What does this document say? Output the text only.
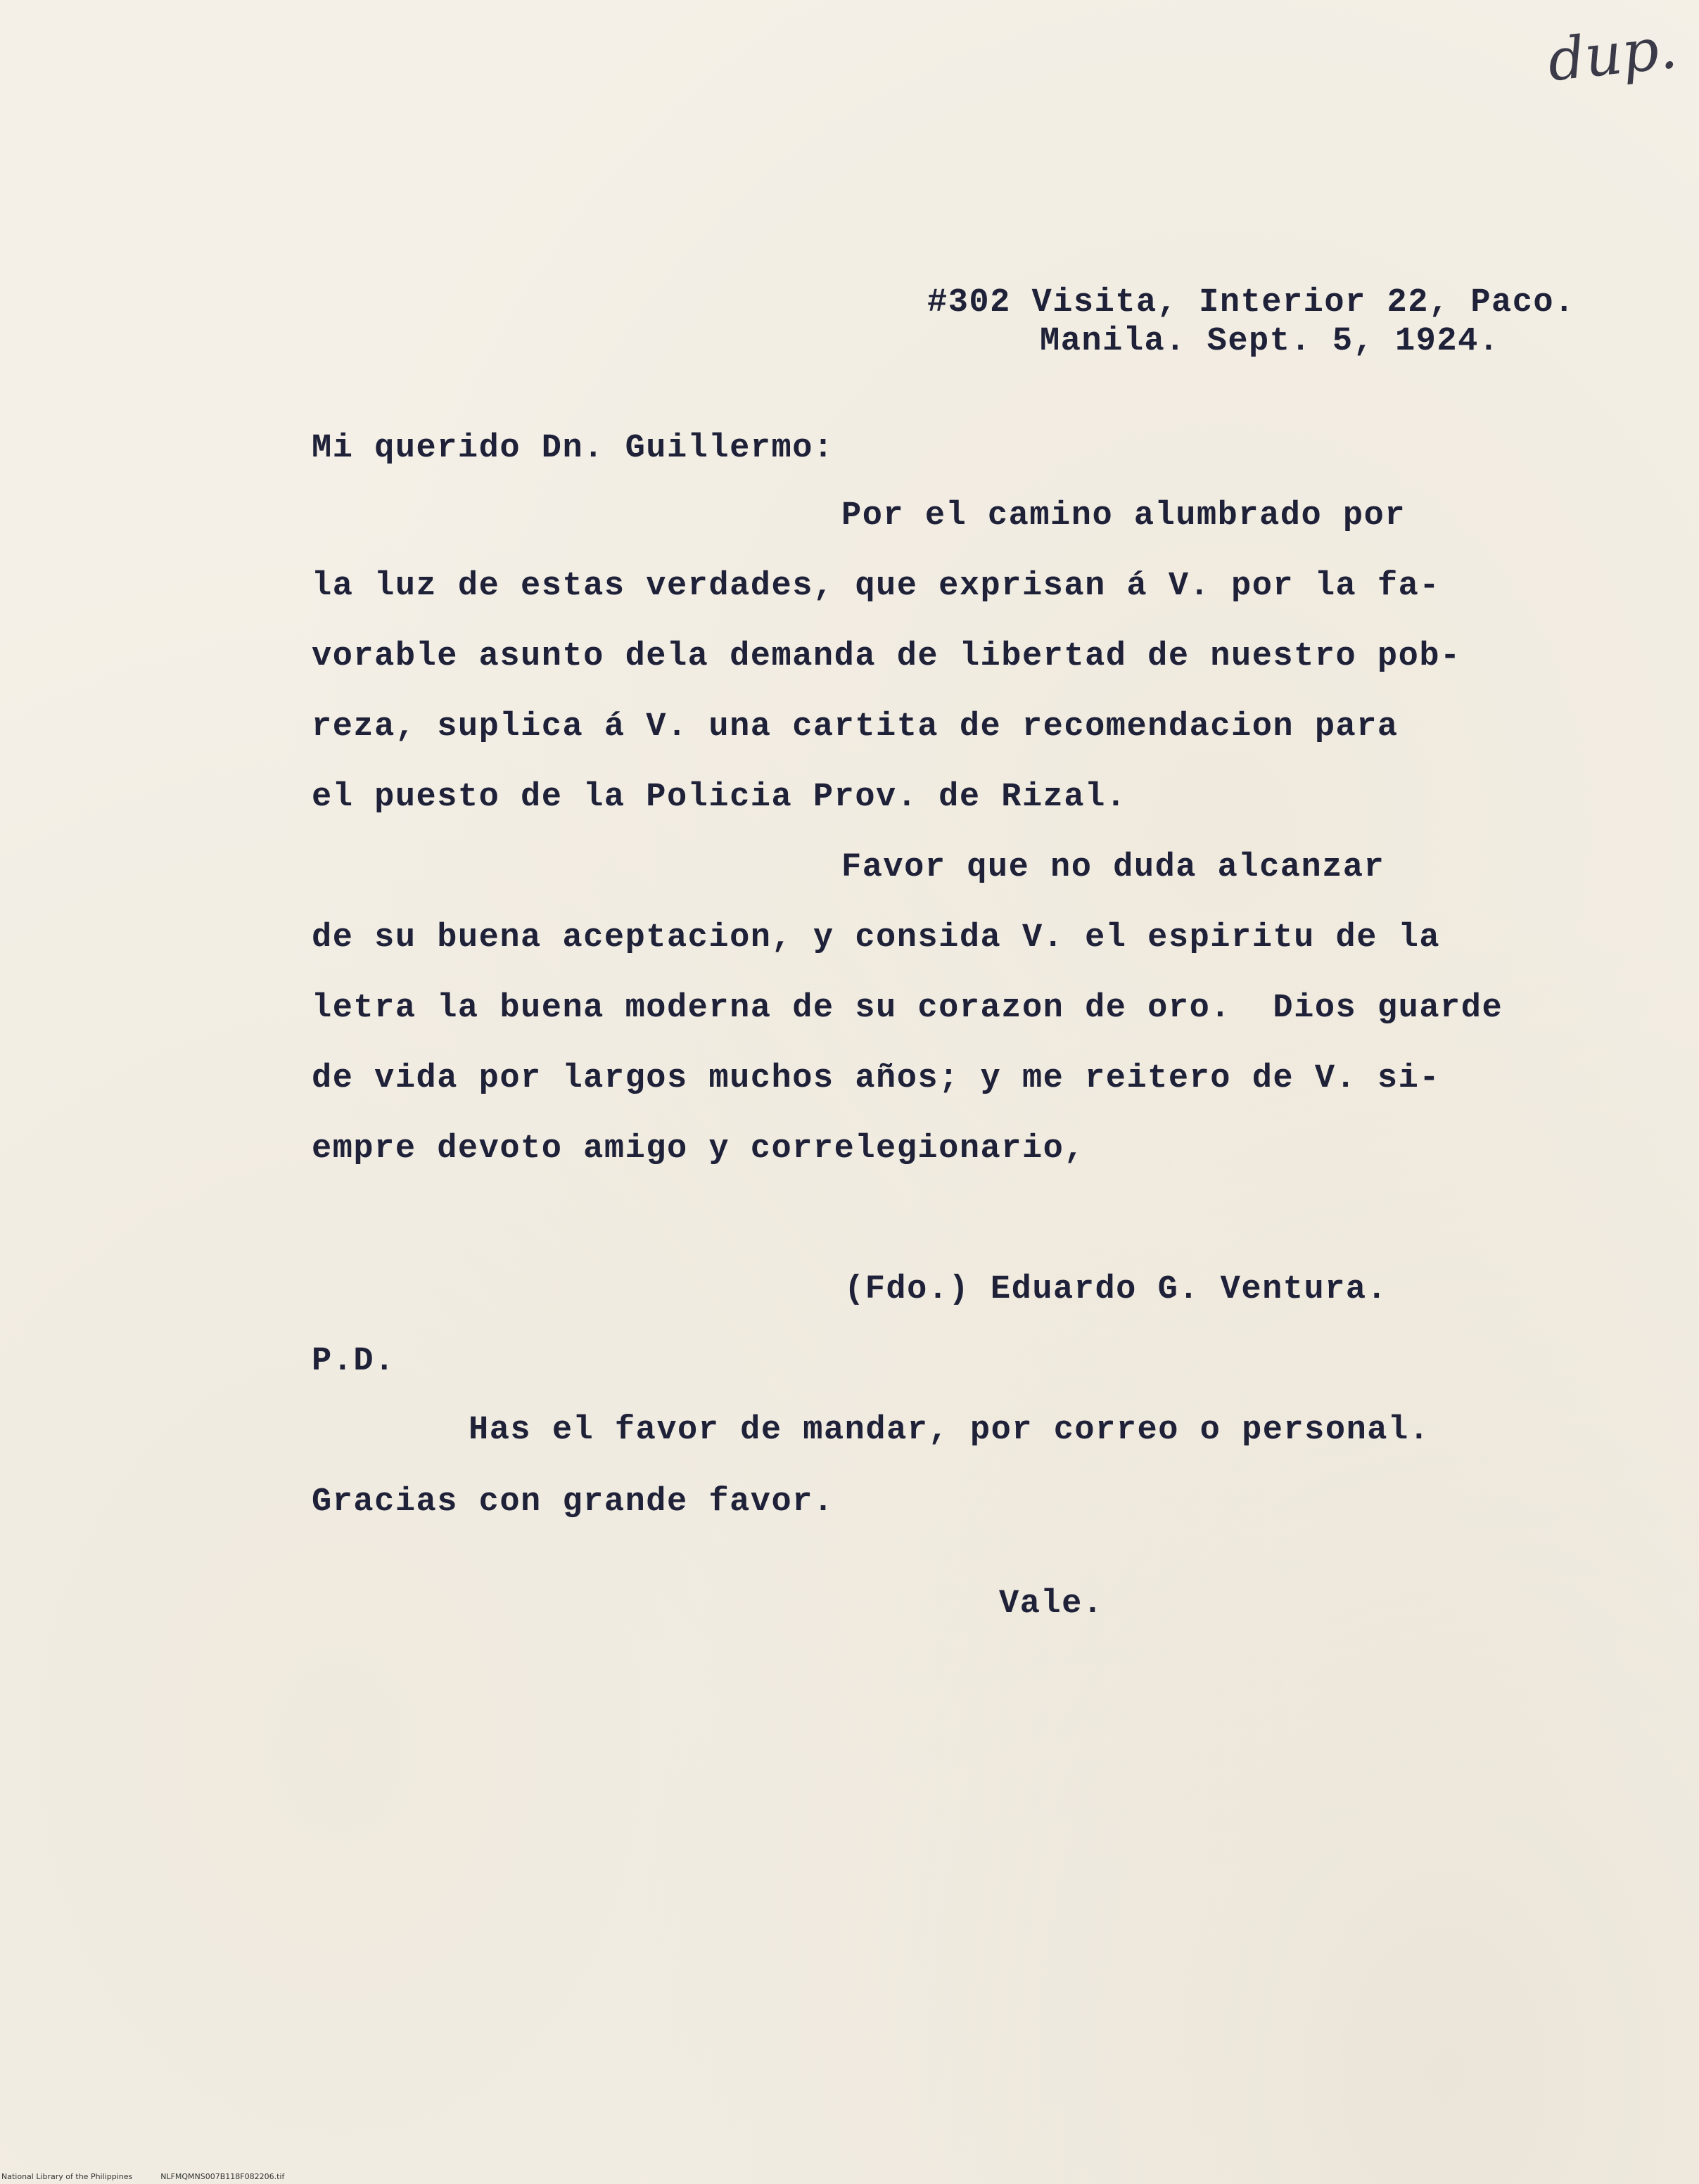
dup.
#302 Visita, Interior 22, Paco.
Manila. Sept. 5, 1924.
Mi querido Dn. Guillermo:
Por el camino alumbrado por
la luz de estas verdades, que exprisan á V. por la fa-
vorable asunto dela demanda de libertad de nuestro pob-
reza, suplica á V. una cartita de recomendacion para
el puesto de la Policia Prov. de Rizal.
Favor que no duda alcanzar
de su buena aceptacion, y consida V. el espiritu de la
letra la buena moderna de su corazon de oro.  Dios guarde
de vida por largos muchos años; y me reitero de V. si-
empre devoto amigo y correlegionario,
(Fdo.) Eduardo G. Ventura.
P.D.
Has el favor de mandar, por correo o personal.
Gracias con grande favor.
Vale.
National Library of the Philippines	NLFMQMNS007B118F082206.tif
